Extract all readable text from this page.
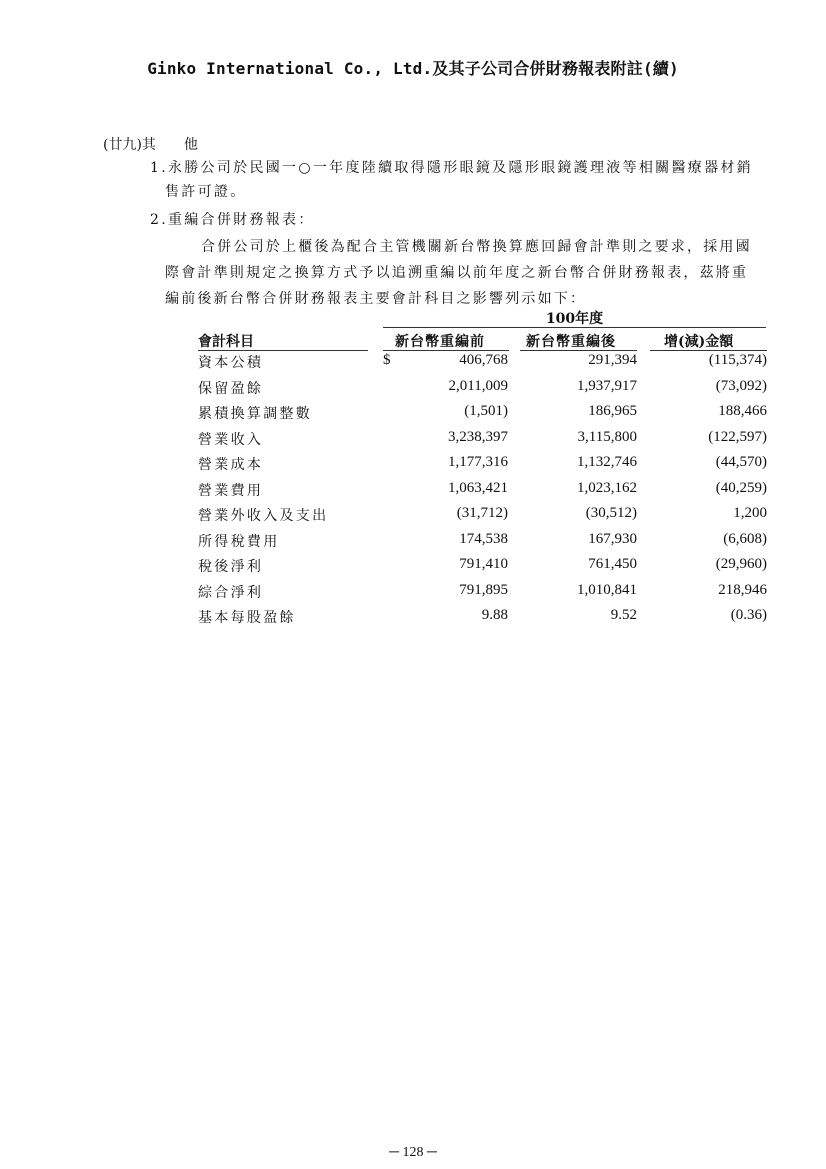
Ginko International Co., Ltd.及其子公司合併財務報表附註(續)
(廿九)其　　他
1.永勝公司於民國一○一年度陸續取得隱形眼鏡及隱形眼鏡護理液等相關醫療器材銷
售許可證。
2.重編合併財務報表：
合併公司於上櫃後為配合主管機關新台幣換算應回歸會計準則之要求，採用國
際會計準則規定之換算方式予以追溯重編以前年度之新台幣合併財務報表，茲將重
編前後新台幣合併財務報表主要會計科目之影響列示如下：
100年度
會計科目	新台幣重編前	新台幣重編後	增(減)金額
$
資本公積	406,768	291,394	(115,374)
保留盈餘	2,011,009	1,937,917	(73,092)
累積換算調整數	(1,501)	186,965	188,466
營業收入	3,238,397	3,115,800	(122,597)
營業成本	1,177,316	1,132,746	(44,570)
營業費用	1,063,421	1,023,162	(40,259)
營業外收入及支出	(31,712)	(30,512)	1,200
所得稅費用	174,538	167,930	(6,608)
稅後淨利	791,410	761,450	(29,960)
綜合淨利	791,895	1,010,841	218,946
基本每股盈餘	9.88	9.52	(0.36)
─ 128 ─
